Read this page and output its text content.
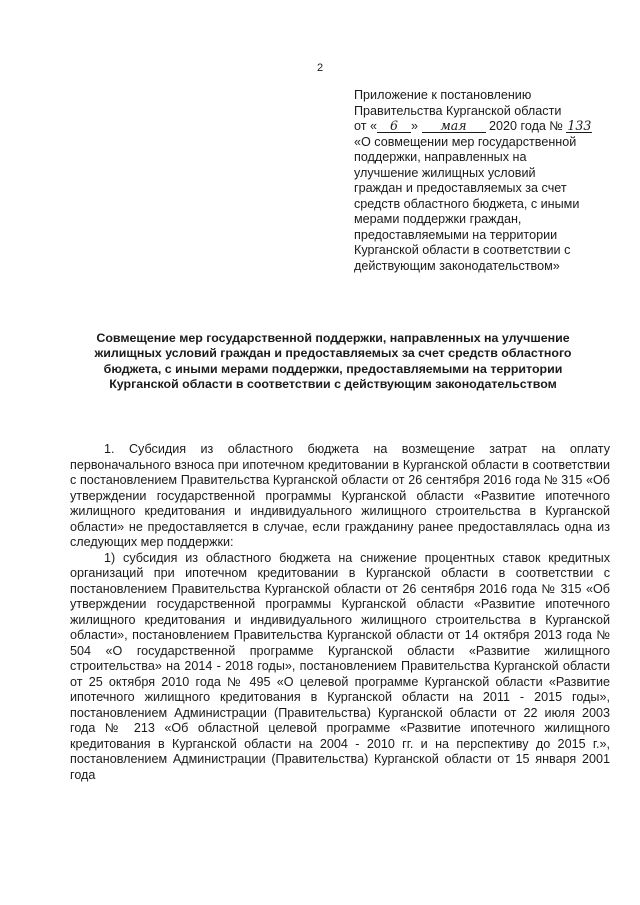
2
Приложение к постановлению
Правительства Курганской области
от « 6 » мая 2020 года № 133
«О совмещении мер государственной
поддержки, направленных на
улучшение жилищных условий
граждан и предоставляемых за счет
средств областного бюджета, с иными
мерами поддержки граждан,
предоставляемыми на территории
Курганской области в соответствии с
действующим законодательством»
Совмещение мер государственной поддержки, направленных на улучшение жилищных условий граждан и предоставляемых за счет средств областного бюджета, с иными мерами поддержки, предоставляемыми на территории Курганской области в соответствии с действующим законодательством

1. Субсидия из областного бюджета на возмещение затрат на оплату первоначального взноса при ипотечном кредитовании в Курганской области в соответствии с постановлением Правительства Курганской области от 26 сентября 2016 года № 315 «Об утверждении государственной программы Курганской области «Развитие ипотечного жилищного кредитования и индивидуального жилищного строительства в Курганской области» не предоставляется в случае, если гражданину ранее предоставлялась одна из следующих мер поддержки:

1) субсидия из областного бюджета на снижение процентных ставок кредитных организаций при ипотечном кредитовании в Курганской области в соответствии с постановлением Правительства Курганской области от 26 сентября 2016 года № 315 «Об утверждении государственной программы Курганской области «Развитие ипотечного жилищного кредитования и индивидуального жилищного строительства в Курганской области», постановлением Правительства Курганской области от 14 октября 2013 года № 504 «О государственной программе Курганской области «Развитие жилищного строительства» на 2014 - 2018 годы», постановлением Правительства Курганской области от 25 октября 2010 года № 495 «О целевой программе Курганской области «Развитие ипотечного жилищного кредитования в Курганской области на 2011 - 2015 годы», постановлением Администрации (Правительства) Курганской области от 22 июля 2003 года № 213 «Об областной целевой программе «Развитие ипотечного жилищного кредитования в Курганской области на 2004 - 2010 гг. и на перспективу до 2015 г.», постановлением Администрации (Правительства) Курганской области от 15 января 2001 года
